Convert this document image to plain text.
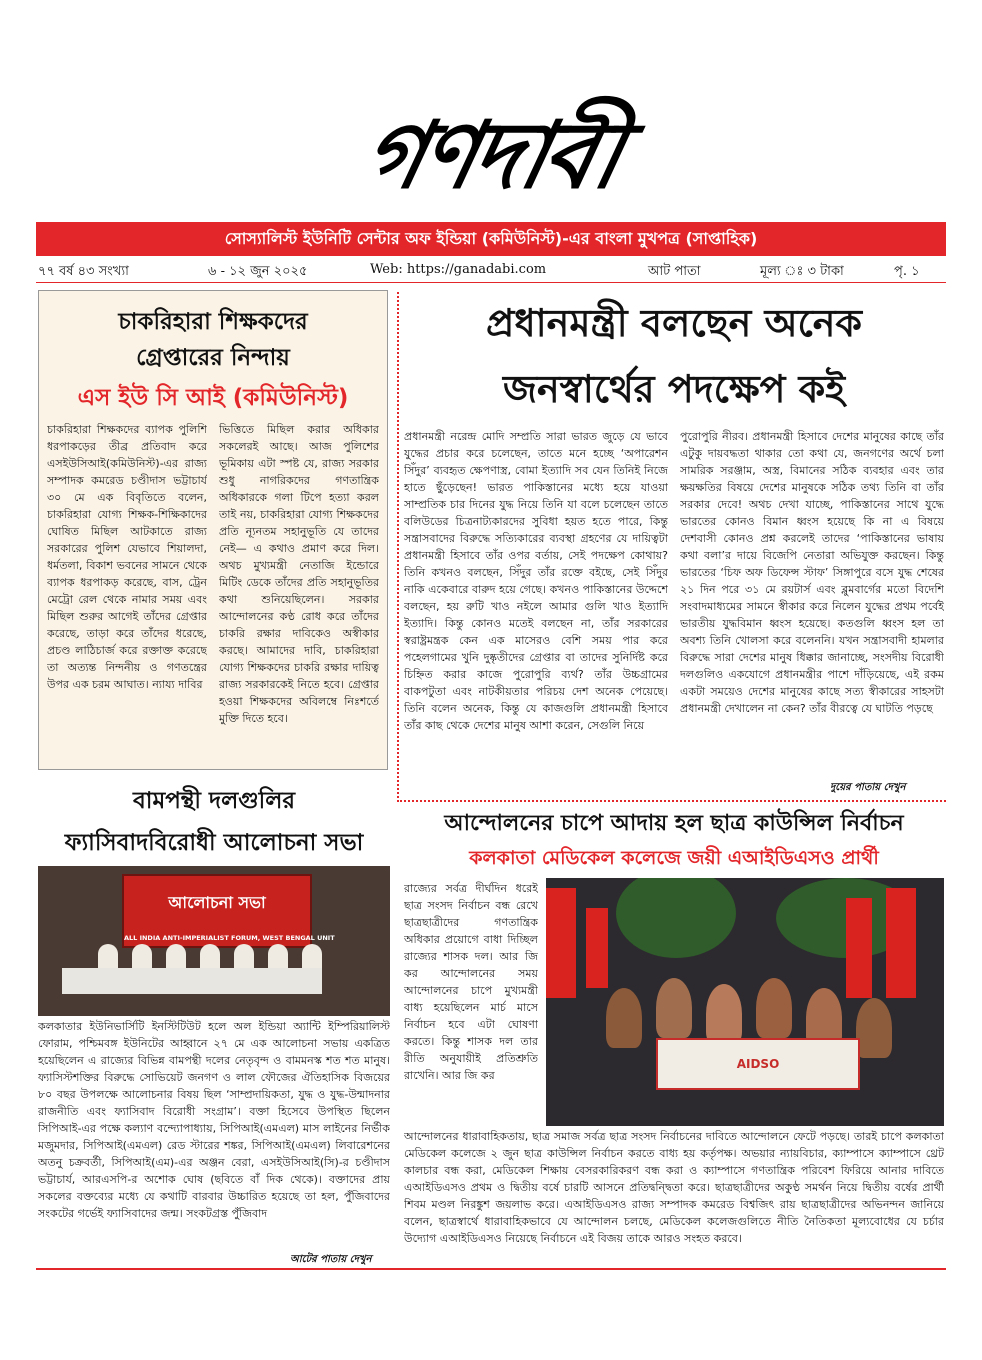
গণদাবী
সোস্যালিস্ট ইউনিটি সেন্টার অফ ইন্ডিয়া (কমিউনিস্ট)-এর বাংলা মুখপত্র (সাপ্তাহিক)
৭৭ বর্ষ ৪৩ সংখ্যা	৬ - ১২ জুন ২০২৫	Web: https://ganadabi.com	আট পাতা	মূল্য ঃ ৩ টাকা	পৃ. ১
চাকরিহারা শিক্ষকদের
গ্রেপ্তারের নিন্দায়
এস ইউ সি আই (কমিউনিস্ট)
চাকরিহারা শিক্ষকদের ব্যাপক পুলিশি ধরপাকড়ের তীব্র প্রতিবাদ করে এসইউসিআই(কমিউনিস্ট)-এর রাজ্য সম্পাদক কমরেড চণ্ডীদাস ভট্টাচার্য ৩০ মে এক বিবৃতিতে বলেন, চাকরিহারা যোগ্য শিক্ষক-শিক্ষিকাদের ঘোষিত মিছিল আটকাতে রাজ্য সরকারের পুলিশ যেভাবে শিয়ালদা, ধর্মতলা, বিকাশ ভবনের সামনে থেকে ব্যাপক ধরপাকড় করেছে, বাস, ট্রেন মেট্রো রেল থেকে নামার সময় এবং মিছিল শুরুর আগেই তাঁদের গ্রেপ্তার করেছে, তাড়া করে তাঁদের ধরেছে, প্রচণ্ড লাঠিচার্জ করে রক্তাক্ত করেছে তা অত্যন্ত নিন্দনীয় ও গণতন্ত্রের উপর এক চরম আঘাত। ন্যায্য দাবির
ভিত্তিতে মিছিল করার অধিকার সকলেরই আছে। আজ পুলিশের ভূমিকায় এটা স্পষ্ট যে, রাজ্য সরকার শুধু নাগরিকদের গণতান্ত্রিক অধিকারকে গলা টিপে হত্যা করল তাই নয়, চাকরিহারা যোগ্য শিক্ষকদের প্রতি ন্যূনতম সহানুভূতি যে তাদের নেই— এ কথাও প্রমাণ করে দিল। অথচ মুখ্যমন্ত্রী নেতাজি ইন্ডোরে মিটিং ডেকে তাঁদের প্রতি সহানুভূতির কথা শুনিয়েছিলেন। সরকার আন্দোলনের কণ্ঠ রোধ করে তাঁদের চাকরি রক্ষার দাবিকেও অস্বীকার করছে। আমাদের দাবি, চাকরিহারা যোগ্য শিক্ষকদের চাকরি রক্ষার দায়িত্ব রাজ্য সরকারকেই নিতে হবে। গ্রেপ্তার হওয়া শিক্ষকদের অবিলম্বে নিঃশর্তে মুক্তি দিতে হবে।
প্রধানমন্ত্রী বলছেন অনেক
জনস্বার্থের পদক্ষেপ কই
প্রধানমন্ত্রী নরেন্দ্র মোদি সম্প্রতি সারা ভারত জুড়ে যে ভাবে যুদ্ধের প্রচার করে চলেছেন, তাতে মনে হচ্ছে ‘অপারেশন সিঁদুর’ ব্যবহৃত ক্ষেপণাস্ত্র, বোমা ইত্যাদি সব যেন তিনিই নিজে হাতে ছুঁড়েছেন! ভারত পাকিস্তানের মধ্যে হয়ে যাওয়া সাম্প্রতিক চার দিনের যুদ্ধ নিয়ে তিনি যা বলে চলেছেন তাতে বলিউডের চিত্রনাট্যকারদের সুবিধা হয়ত হতে পারে, কিন্তু সন্ত্রাসবাদের বিরুদ্ধে সত্যিকারের ব্যবস্থা গ্রহণের যে দায়িত্বটা প্রধানমন্ত্রী হিসাবে তাঁর ওপর বর্তায়, সেই পদক্ষেপ কোথায়? তিনি কখনও বলছেন, সিঁদুর তাঁর রক্তে বইছে, সেই সিঁদুর নাকি একেবারে বারুদ হয়ে গেছে। কখনও পাকিস্তানের উদ্দেশে বলছেন, হয় রুটি খাও নইলে আমার গুলি খাও ইত্যাদি ইত্যাদি। কিন্তু কোনও মতেই বলছেন না, তাঁর সরকারের স্বরাষ্ট্রমন্ত্রক কেন এক মাসেরও বেশি সময় পার করে পহেলগামের খুনি দুষ্কৃতীদের গ্রেপ্তার বা তাদের সুনির্দিষ্ট করে চিহ্নিত করার কাজে পুরোপুরি ব্যর্থ? তাঁর উচ্চগ্রামের বাকপটুতা এবং নাটকীয়তার পরিচয় দেশ অনেক পেয়েছে। তিনি বলেন অনেক, কিন্তু যে কাজগুলি প্রধানমন্ত্রী হিসাবে তাঁর কাছ থেকে দেশের মানুষ আশা করেন, সেগুলি নিয়ে
পুরোপুরি নীরব। প্রধানমন্ত্রী হিসাবে দেশের মানুষের কাছে তাঁর এটুকু দায়বদ্ধতা থাকার তো কথা যে, জনগণের অর্থে চলা সামরিক সরঞ্জাম, অস্ত্র, বিমানের সঠিক ব্যবহার এবং তার ক্ষয়ক্ষতির বিষয়ে দেশের মানুষকে সঠিক তথ্য তিনি বা তাঁর সরকার দেবে! অথচ দেখা যাচ্ছে, পাকিস্তানের সাথে যুদ্ধে ভারতের কোনও বিমান ধ্বংস হয়েছে কি না এ বিষয়ে দেশবাসী কোনও প্রশ্ন করলেই তাদের ‘পাকিস্তানের ভাষায় কথা বলা’র দায়ে বিজেপি নেতারা অভিযুক্ত করছেন। কিন্তু ভারতের ‘চিফ অফ ডিফেন্স স্টাফ’ সিঙ্গাপুরে বসে যুদ্ধ শেষের ২১ দিন পরে ৩১ মে রয়টার্স এবং ব্লুমবার্গের মতো বিদেশি সংবাদমাধ্যমের সামনে স্বীকার করে নিলেন যুদ্ধের প্রথম পর্বেই ভারতীয় যুদ্ধবিমান ধ্বংস হয়েছে। কতগুলি ধ্বংস হল তা অবশ্য তিনি খোলসা করে বলেননি। যখন সন্ত্রাসবাদী হামলার বিরুদ্ধে সারা দেশের মানুষ ধিক্কার জানাচ্ছে, সংসদীয় বিরোধী দলগুলিও একযোগে প্রধানমন্ত্রীর পাশে দাঁড়িয়েছে, এই রকম একটা সময়েও দেশের মানুষের কাছে সত্য স্বীকারের সাহসটা প্রধানমন্ত্রী দেখালেন না কেন? তাঁর বীরত্বে যে ঘাটতি পড়ছে
দুয়ের পাতায় দেখুন
বামপন্থী দলগুলির
ফ্যাসিবাদবিরোধী আলোচনা সভা
আলোচনা সভা
ALL INDIA ANTI-IMPERIALIST FORUM, WEST BENGAL UNIT
কলকাতার ইউনিভার্সিটি ইনস্টিটিউট হলে অল ইন্ডিয়া অ্যান্টি ইম্পিরিয়ালিস্ট ফোরাম, পশ্চিমবঙ্গ ইউনিটের আহ্বানে ২৭ মে এক আলোচনা সভায় একত্রিত হয়েছিলেন এ রাজ্যের বিভিন্ন বামপন্থী দলের নেতৃবৃন্দ ও বামমনস্ক শত শত মানুষ। ফ্যাসিস্টশক্তির বিরুদ্ধে সোভিয়েট জনগণ ও লাল ফৌজের ঐতিহাসিক বিজয়ের ৮০ বছর উপলক্ষে আলোচনার বিষয় ছিল ‘সাম্প্রদায়িকতা, যুদ্ধ ও যুদ্ধ-উন্মাদনার রাজনীতি এবং ফ্যাসিবাদ বিরোধী সংগ্রাম’। বক্তা হিসেবে উপস্থিত ছিলেন সিপিআই-এর পক্ষে কল্যাণ বন্দ্যোপাধ্যায়, সিপিআই(এমএল) মাস লাইনের নির্ভীক মজুমদার, সিপিআই(এমএল) রেড স্টারের শঙ্কর, সিপিআই(এমএল) লিবারেশনের অতনু চক্রবর্তী, সিপিআই(এম)-এর অঞ্জন বেরা, এসইউসিআই(সি)-র চণ্ডীদাস ভট্টাচার্য, আরএসপি-র অশোক ঘোষ (ছবিতে বাঁ দিক থেকে)। বক্তাদের প্রায় সকলের বক্তব্যের মধ্যে যে কথাটি বারবার উচ্চারিত হয়েছে তা হল, পুঁজিবাদের সংকটের গর্ভেই ফ্যাসিবাদের জন্ম। সংকটগ্রস্ত পুঁজিবাদ
আটের পাতায় দেখুন
আন্দোলনের চাপে আদায় হল ছাত্র কাউন্সিল নির্বাচন
কলকাতা মেডিকেল কলেজে জয়ী এআইডিএসও প্রার্থী
রাজ্যের সর্বত্র দীর্ঘদিন ধরেই ছাত্র সংসদ নির্বাচন বন্ধ রেখে ছাত্রছাত্রীদের গণতান্ত্রিক অধিকার প্রয়োগে বাধা দিচ্ছিল রাজ্যের শাসক দল। আর জি কর আন্দোলনের সময় আন্দোলনের চাপে মুখ্যমন্ত্রী বাধ্য হয়েছিলেন মার্চ মাসে নির্বাচন হবে এটা ঘোষণা করতে। কিন্তু শাসক দল তার রীতি অনুযায়ীই প্রতিশ্রুতি রাখেনি। আর জি কর
AIDSO
আন্দোলনের ধারাবাহিকতায়, ছাত্র সমাজ সর্বত্র ছাত্র সংসদ নির্বাচনের দাবিতে আন্দোলনে ফেটে পড়ছে। তারই চাপে কলকাতা মেডিকেল কলেজে ২ জুন ছাত্র কাউন্সিল নির্বাচন করতে বাধ্য হয় কর্তৃপক্ষ। অভয়ার ন্যায়বিচার, ক্যাম্পাসে ক্যাম্পাসে থ্রেট কালচার বন্ধ করা, মেডিকেল শিক্ষায় বেসরকারিকরণ বন্ধ করা ও ক্যাম্পাসে গণতান্ত্রিক পরিবেশ ফিরিয়ে আনার দাবিতে এআইডিএসও প্রথম ও দ্বিতীয় বর্ষে চারটি আসনে প্রতিদ্বন্দ্বিতা করে। ছাত্রছাত্রীদের অকুণ্ঠ সমর্থন নিয়ে দ্বিতীয় বর্ষের প্রার্থী শিবম মণ্ডল নিরঙ্কুশ জয়লাভ করে। এআইডিএসও রাজ্য সম্পাদক কমরেড বিশ্বজিৎ রায় ছাত্রছাত্রীদের অভিনন্দন জানিয়ে বলেন, ছাত্রস্বার্থে ধারাবাহিকভাবে যে আন্দোলন চলছে, মেডিকেল কলেজগুলিতে নীতি নৈতিকতা মূল্যবোধের যে চর্চার উদ্যোগ এআইডিএসও নিয়েছে নির্বাচনে এই বিজয় তাকে আরও সংহত করবে।
